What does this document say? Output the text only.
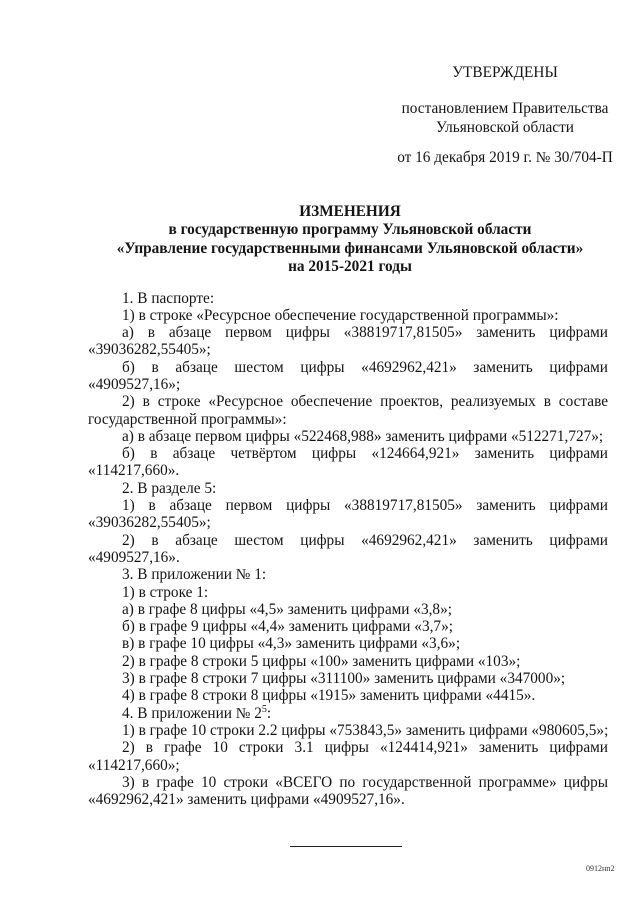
УТВЕРЖДЕНЫ
постановлением Правительства
Ульяновской области
от 16 декабря 2019 г. № 30/704-П
ИЗМЕНЕНИЯ
в государственную программу Ульяновской области
«Управление государственными финансами Ульяновской области»
на 2015-2021 годы
1. В паспорте:
1) в строке «Ресурсное обеспечение государственной программы»:
а) в абзаце первом цифры «38819717,81505» заменить цифрами
«39036282,55405»;
б) в абзаце шестом цифры «4692962,421» заменить цифрами
«4909527,16»;
2) в строке «Ресурсное обеспечение проектов, реализуемых в составе
государственной программы»:
а) в абзаце первом цифры «522468,988» заменить цифрами «512271,727»;
б) в абзаце четвёртом цифры «124664,921» заменить цифрами
«114217,660».
2. В разделе 5:
1) в абзаце первом цифры «38819717,81505» заменить цифрами
«39036282,55405»;
2) в абзаце шестом цифры «4692962,421» заменить цифрами
«4909527,16».
3. В приложении № 1:
1) в строке 1:
а) в графе 8 цифры «4,5» заменить цифрами «3,8»;
б) в графе 9 цифры «4,4» заменить цифрами «3,7»;
в) в графе 10 цифры «4,3» заменить цифрами «3,6»;
2) в графе 8 строки 5 цифры «100» заменить цифрами «103»;
3) в графе 8 строки 7 цифры «311100» заменить цифрами «347000»;
4) в графе 8 строки 8 цифры «1915» заменить цифрами «4415».
4. В приложении № $2^5$:
1) в графе 10 строки 2.2 цифры «753843,5» заменить цифрами «980605,5»;
2) в графе 10 строки 3.1 цифры «124414,921» заменить цифрами
«114217,660»;
3) в графе 10 строки «ВСЕГО по государственной программе» цифры
«4692962,421» заменить цифрами «4909527,16».
0912нп2
